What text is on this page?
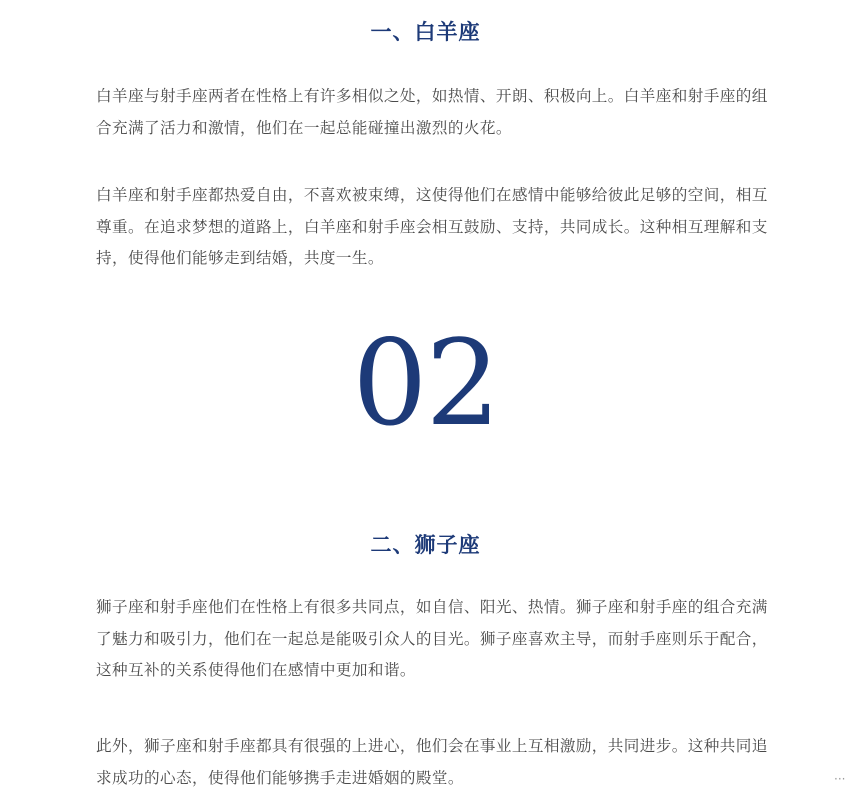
一、白羊座

白羊座与射手座两者在性格上有许多相似之处，如热情、开朗、积极向上。白羊座和射手座的组合充满了活力和激情，他们在一起总能碰撞出激烈的火花。

白羊座和射手座都热爱自由，不喜欢被束缚，这使得他们在感情中能够给彼此足够的空间，相互尊重。在追求梦想的道路上，白羊座和射手座会相互鼓励、支持，共同成长。这种相互理解和支持，使得他们能够走到结婚，共度一生。

02
二、狮子座

狮子座和射手座他们在性格上有很多共同点，如自信、阳光、热情。狮子座和射手座的组合充满了魅力和吸引力，他们在一起总是能吸引众人的目光。狮子座喜欢主导，而射手座则乐于配合，这种互补的关系使得他们在感情中更加和谐。

此外，狮子座和射手座都具有很强的上进心，他们会在事业上互相激励，共同进步。这种共同追求成功的心态，使得他们能够携手走进婚姻的殿堂。	···
